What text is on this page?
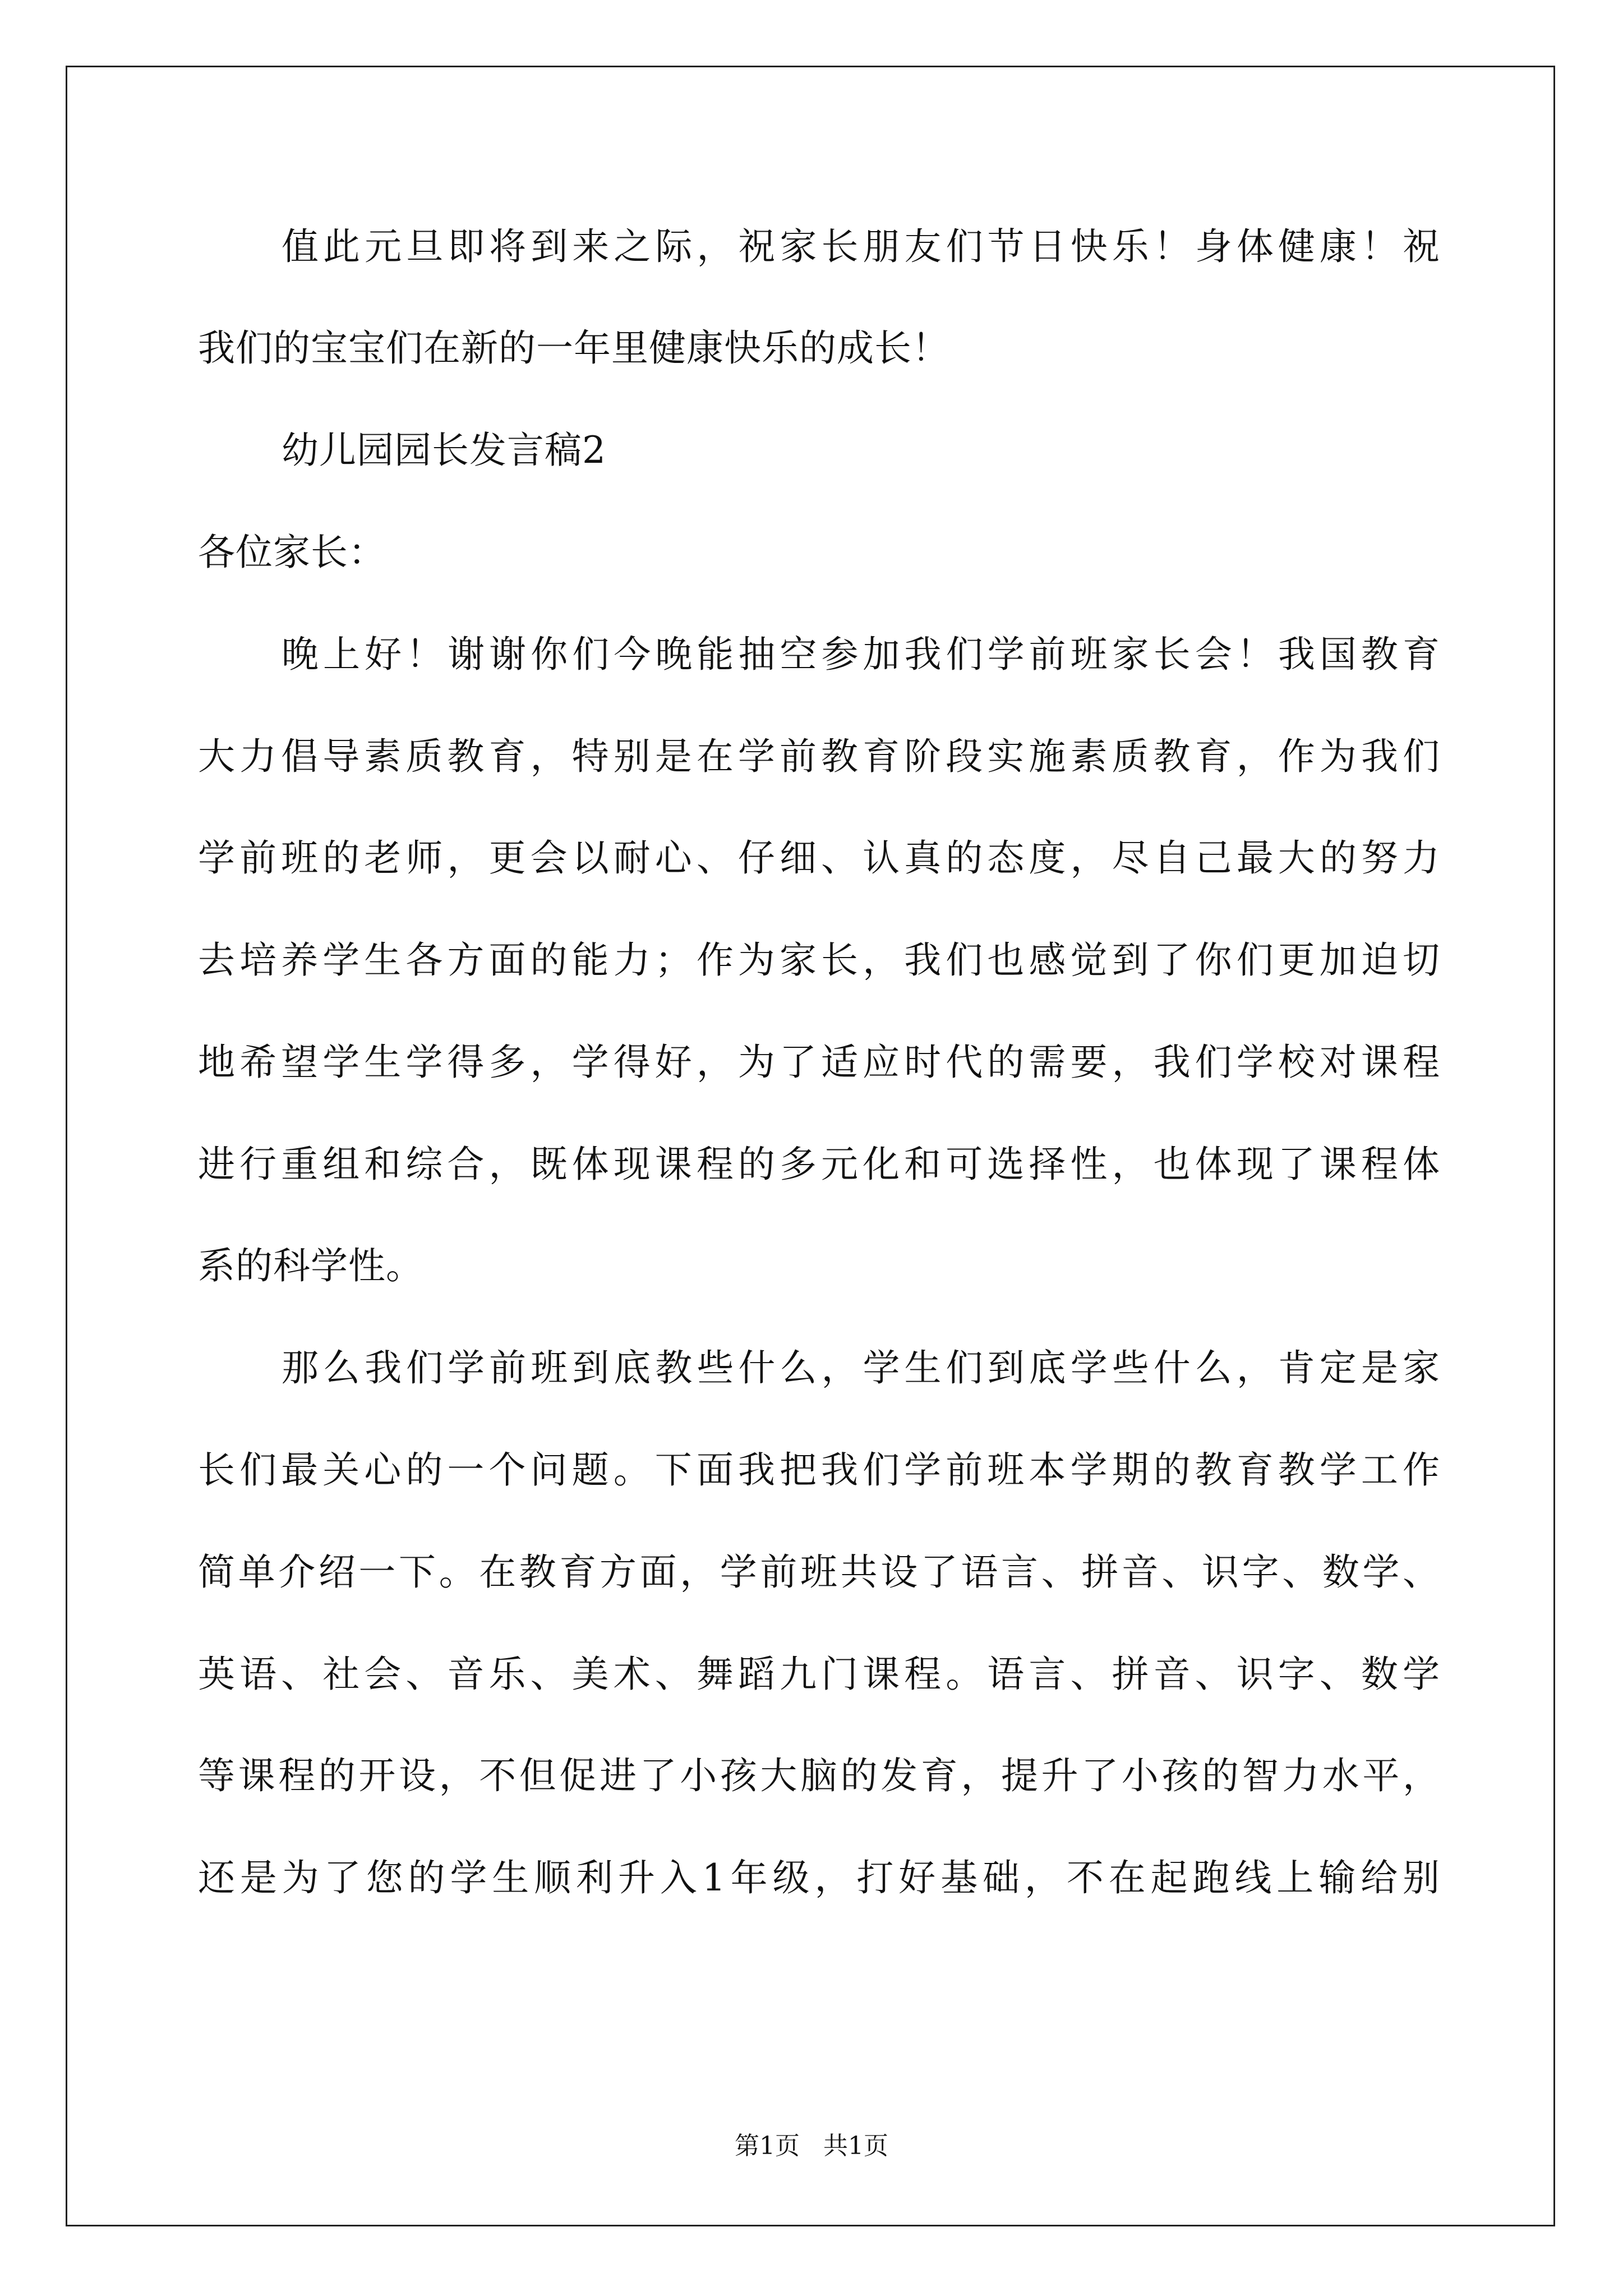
值此元旦即将到来之际，祝家长朋友们节日快乐！身体健康！祝
我们的宝宝们在新的一年里健康快乐的成长！
幼儿园园长发言稿2
各位家长：
晚上好！谢谢你们今晚能抽空参加我们学前班家长会！我国教育
大力倡导素质教育，特别是在学前教育阶段实施素质教育，作为我们
学前班的老师，更会以耐心、仔细、认真的态度，尽自己最大的努力
去培养学生各方面的能力；作为家长，我们也感觉到了你们更加迫切
地希望学生学得多，学得好，为了适应时代的需要，我们学校对课程
进行重组和综合，既体现课程的多元化和可选择性，也体现了课程体
系的科学性。
那么我们学前班到底教些什么，学生们到底学些什么，肯定是家
长们最关心的一个问题。下面我把我们学前班本学期的教育教学工作
简单介绍一下。在教育方面，学前班共设了语言、拼音、识字、数学、
英语、社会、音乐、美术、舞蹈九门课程。语言、拼音、识字、数学
等课程的开设，不但促进了小孩大脑的发育，提升了小孩的智力水平，
还是为了您的学生顺利升入1年级，打好基础，不在起跑线上输给别
第1页   共1页
